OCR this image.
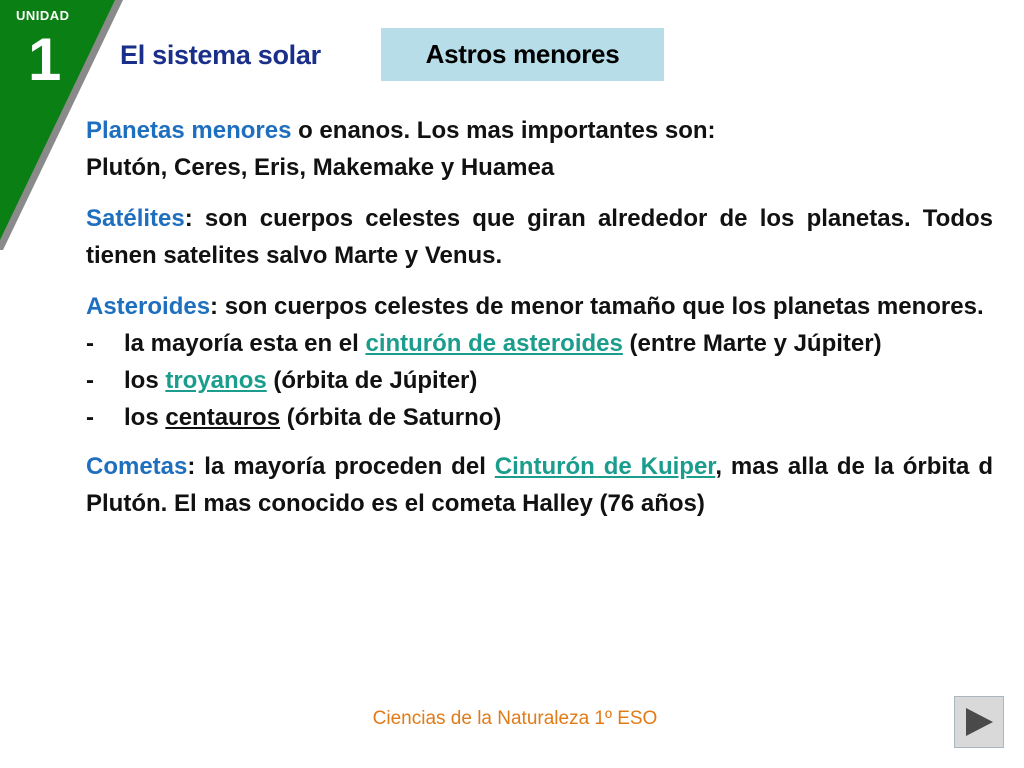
UNIDAD
1 El sistema solar	Astros menores

Planetas menores o enanos. Los mas importantes son:

Plutón, Ceres, Eris, Makemake y Huamea

Satélites: son cuerpos celestes que giran alrededor de los planetas. Todos tienen satelites salvo Marte y Venus.

Asteroides: son cuerpos celestes de menor tamaño que los planetas menores.

- la mayoría esta en el cinturón de asteroides (entre Marte y Júpiter)
- los troyanos (órbita de Júpiter)
- los centauros (órbita de Saturno)

Cometas: la mayoría proceden del Cinturón de Kuiper, mas alla de la órbita d Plutón. El mas conocido es el cometa Halley (76 años)

Ciencias de la Naturaleza 1º ESO
